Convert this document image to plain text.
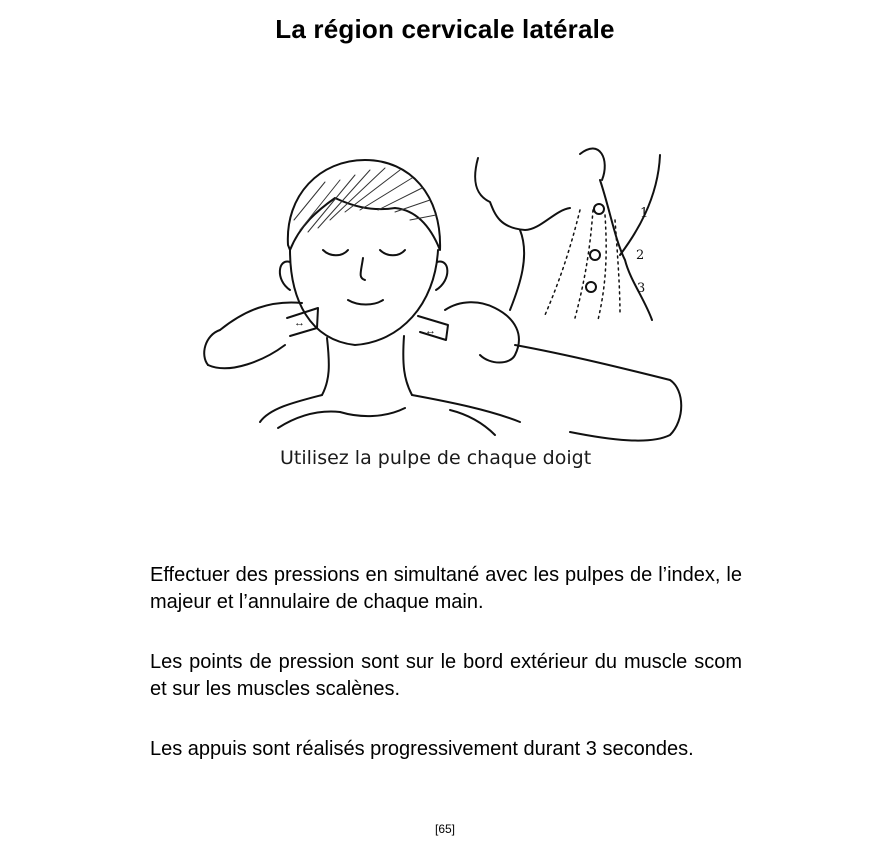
La région cervicale latérale
↔
↔
1
2
3
Utilisez la pulpe de chaque doigt
Effectuer des pressions en simultané avec les pulpes de l’index, le majeur et l’annulaire de chaque main.
Les points de pression sont sur le bord extérieur du muscle scom et sur les muscles scalènes.
Les appuis sont réalisés progressivement durant 3 secondes.
[65]
